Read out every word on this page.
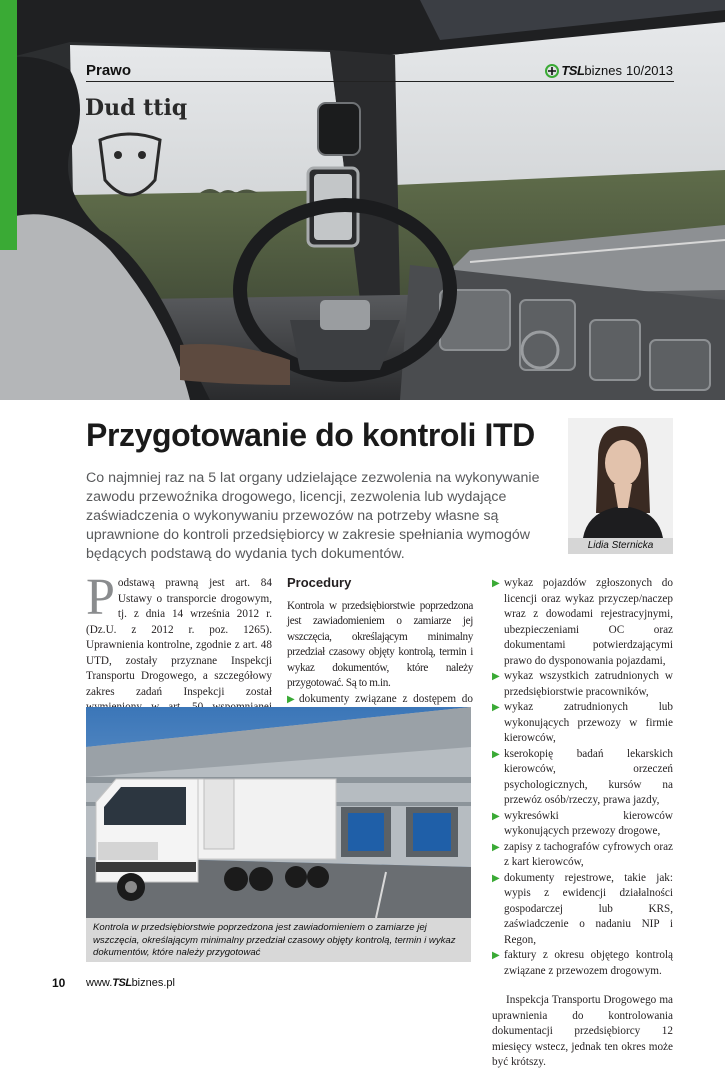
Dud ttiq
Prawo	TSL biznes 10/2013
Przygotowanie do kontroli ITD

Co najmniej raz na 5 lat organy udzielające zezwolenia na wykonywanie zawodu przewoźnika drogowego, licencji, zezwolenia lub wydające zaświadczenia o wykonywaniu przewozów na potrzeby własne są uprawnione do kontroli przedsiębiorcy w zakresie spełniania wymogów będących podstawą do wydania tych dokumentów.

Lidia Sternicka
P odstawą prawną jest art. 84 Ustawy o transporcie drogowym, tj. z dnia 14 września 2012 r. (Dz.U. z 2012 r. poz. 1265). Uprawnienia kontrolne, zgodnie z art. 48 UTD, zostały przyznane Inspekcji Transportu Drogowego, a szczegółowy zakres zadań Inspekcji został
Procedury

Kontrola w przedsiębiorstwie poprzedzona jest zawiadomieniem o zamiarze jej wszczęcia, określającym minimalny przedział czasowy objęty kontrolą, termin i wykaz dokumentów, które należy przygotować. Są to m.in.

▶ dokumenty związane z dostępem do
Kontrola w przedsiębiorstwie poprzedzona jest zawiadomieniem o zamiarze jej wszczęcia, określającym minimalny przedział czasowy objęty kontrolą, termin i wykaz dokumentów, które należy przygotować
▶ wykaz pojazdów zgłoszonych do licencji oraz wykaz przyczep/naczep wraz z dowodami rejestracyjnymi, ubezpieczeniami OC oraz dokumentami potwierdzającymi prawo do dysponowania pojazdami,
▶ wykaz wszystkich zatrudnionych w przedsiębiorstwie pracowników,
▶ wykaz zatrudnionych lub wykonujących przewozy w firmie kierowców,
▶ kserokopię badań lekarskich kierowców, orzeczeń psychologicznych, kursów na przewóz osób/rzeczy, prawa jazdy,
▶ wykresówki kierowców wykonujących przewozy drogowe,
▶ zapisy z tachografów cyfrowych oraz z kart kierowców,
▶ dokumenty rejestrowe, takie jak: wypis z ewidencji działalności gospodarczej lub KRS, zaświadczenie o nadaniu NIP i Regon,
▶ faktury z okresu objętego kontrolą związane z przewozem drogowym.

Inspekcja Transportu Drogowego ma uprawnienia do kontrolowania dokumentacji przedsiębiorcy 12 miesięcy wstecz, jednak ten okres może być krótszy.

10 www.TSLbiznes.pl
